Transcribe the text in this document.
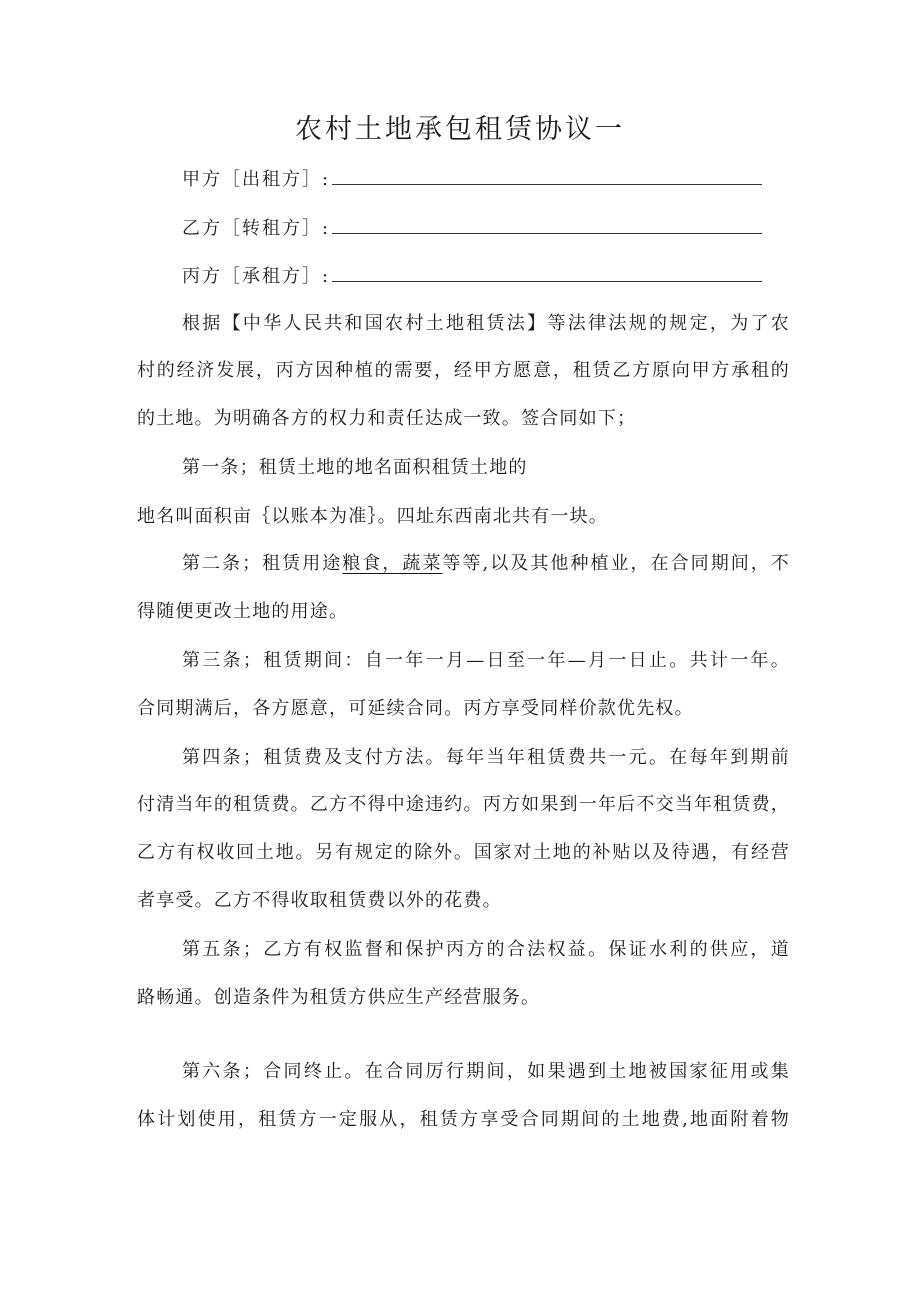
农村土地承包租赁协议一
甲方［出租方］:
乙方［转租方］:
丙方［承租方］:

根据【中华人民共和国农村土地租赁法】等法律法规的规定，为了农

村的经济发展，丙方因种植的需要，经甲方愿意，租赁乙方原向甲方承租的

的土地。为明确各方的权力和责任达成一致。签合同如下；

第一条；租赁土地的地名面积租赁土地的

地名叫面积亩｛以账本为准｝。四址东西南北共有一块。

第二条；租赁用途粮食，蔬菜等等,以及其他种植业，在合同期间，不

得随便更改土地的用途。

第三条；租赁期间：自一年一月—日至一年—月一日止。共计一年。

合同期满后，各方愿意，可延续合同。丙方享受同样价款优先权。

第四条；租赁费及支付方法。每年当年租赁费共一元。在每年到期前

付清当年的租赁费。乙方不得中途违约。丙方如果到一年后不交当年租赁费，

乙方有权收回土地。另有规定的除外。国家对土地的补贴以及待遇，有经营

者享受。乙方不得收取租赁费以外的花费。

第五条；乙方有权监督和保护丙方的合法权益。保证水利的供应，道

路畅通。创造条件为租赁方供应生产经营服务。

第六条；合同终止。在合同厉行期间，如果遇到土地被国家征用或集

体计划使用，租赁方一定服从，租赁方享受合同期间的土地费,地面附着物
